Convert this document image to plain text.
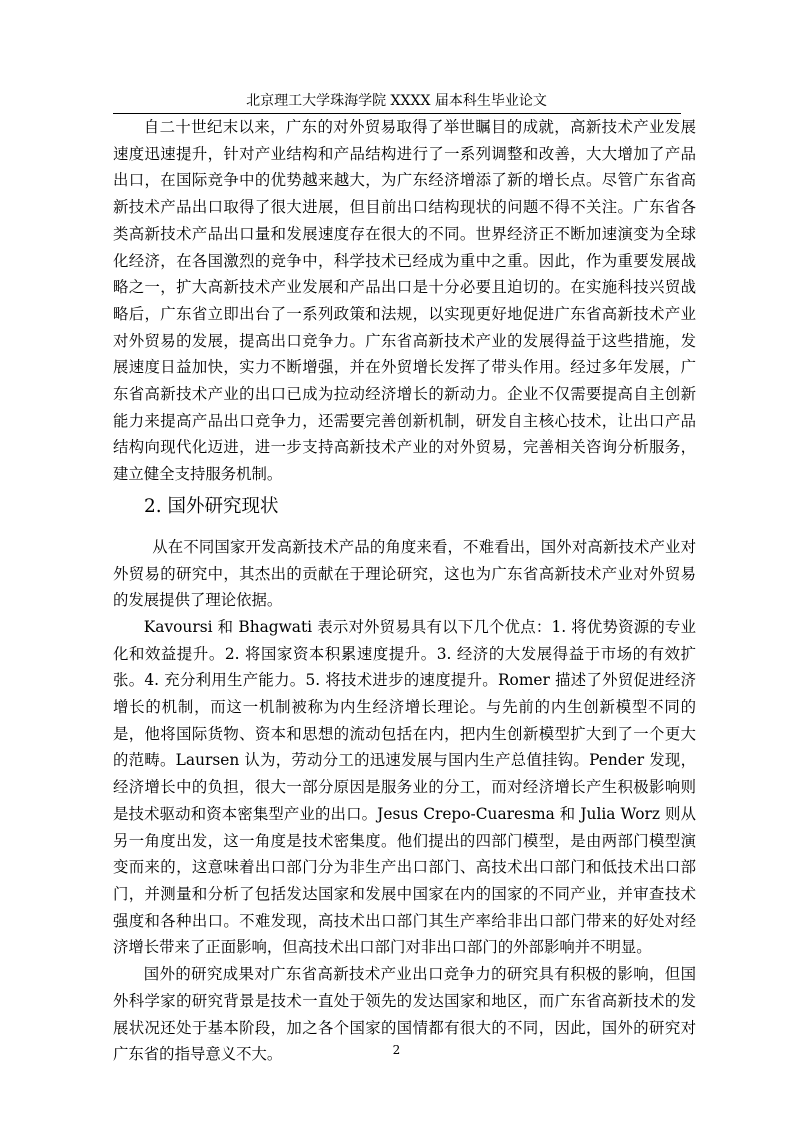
北京理工大学珠海学院 XXXX 届本科生毕业论文

自二十世纪末以来，广东的对外贸易取得了举世瞩目的成就，高新技术产业发展速度迅速提升，针对产业结构和产品结构进行了一系列调整和改善，大大增加了产品出口，在国际竞争中的优势越来越大，为广东经济增添了新的增长点。尽管广东省高新技术产品出口取得了很大进展，但目前出口结构现状的问题不得不关注。广东省各类高新技术产品出口量和发展速度存在很大的不同。世界经济正不断加速演变为全球化经济，在各国激烈的竞争中，科学技术已经成为重中之重。因此，作为重要发展战略之一，扩大高新技术产业发展和产品出口是十分必要且迫切的。在实施科技兴贸战略后，广东省立即出台了一系列政策和法规，以实现更好地促进广东省高新技术产业对外贸易的发展，提高出口竞争力。广东省高新技术产业的发展得益于这些措施，发展速度日益加快，实力不断增强，并在外贸增长发挥了带头作用。经过多年发展，广东省高新技术产业的出口已成为拉动经济增长的新动力。企业不仅需要提高自主创新能力来提高产品出口竞争力，还需要完善创新机制，研发自主核心技术，让出口产品结构向现代化迈进，进一步支持高新技术产业的对外贸易，完善相关咨询分析服务，建立健全支持服务机制。

2. 国外研究现状

从在不同国家开发高新技术产品的角度来看，不难看出，国外对高新技术产业对外贸易的研究中，其杰出的贡献在于理论研究，这也为广东省高新技术产业对外贸易的发展提供了理论依据。

Kavoursi 和 Bhagwati 表示对外贸易具有以下几个优点：1. 将优势资源的专业化和效益提升。2. 将国家资本积累速度提升。3. 经济的大发展得益于市场的有效扩张。4. 充分利用生产能力。5. 将技术进步的速度提升。Romer 描述了外贸促进经济增长的机制，而这一机制被称为内生经济增长理论。与先前的内生创新模型不同的是，他将国际货物、资本和思想的流动包括在内，把内生创新模型扩大到了一个更大的范畴。Laursen 认为，劳动分工的迅速发展与国内生产总值挂钩。Pender 发现，经济增长中的负担，很大一部分原因是服务业的分工，而对经济增长产生积极影响则是技术驱动和资本密集型产业的出口。Jesus Crepo-Cuaresma 和 Julia Worz 则从另一角度出发，这一角度是技术密集度。他们提出的四部门模型，是由两部门模型演变而来的，这意味着出口部门分为非生产出口部门、高技术出口部门和低技术出口部门，并测量和分析了包括发达国家和发展中国家在内的国家的不同产业，并审查技术强度和各种出口。不难发现，高技术出口部门其生产率给非出口部门带来的好处对经济增长带来了正面影响，但高技术出口部门对非出口部门的外部影响并不明显。

国外的研究成果对广东省高新技术产业出口竞争力的研究具有积极的影响，但国外科学家的研究背景是技术一直处于领先的发达国家和地区，而广东省高新技术的发展状况还处于基本阶段，加之各个国家的国情都有很大的不同，因此，国外的研究对广东省的指导意义不大。	2
